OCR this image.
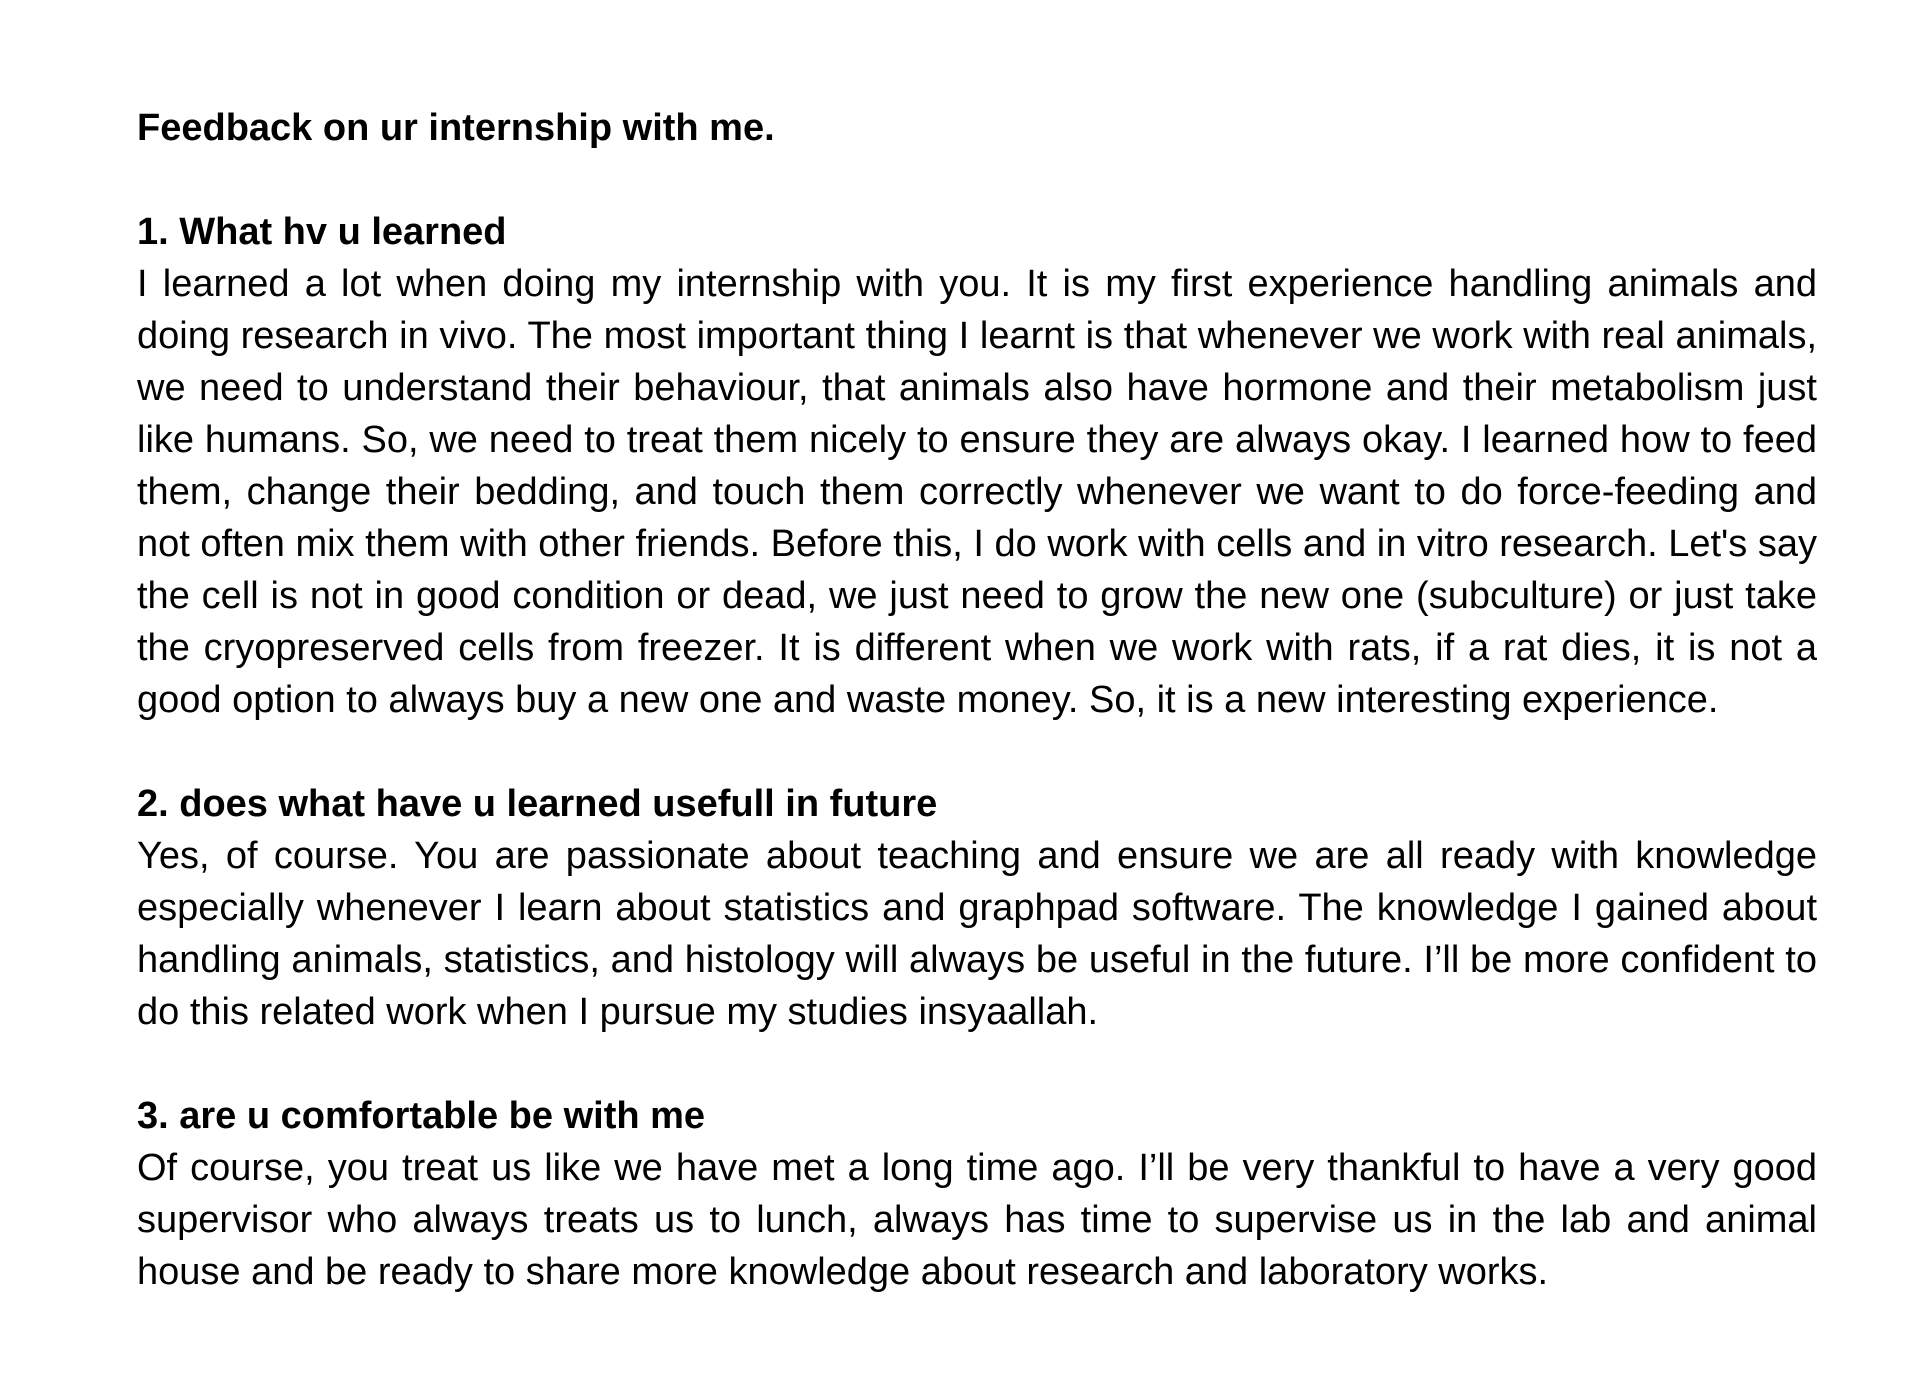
Feedback on ur internship with me.

1. What hv u learned

I learned a lot when doing my internship with you. It is my first experience handling animals and doing research in vivo. The most important thing I learnt is that whenever we work with real animals, we need to understand their behaviour, that animals also have hormone and their metabolism just like humans. So, we need to treat them nicely to ensure they are always okay. I learned how to feed them, change their bedding, and touch them correctly whenever we want to do force-feeding and not often mix them with other friends. Before this, I do work with cells and in vitro research. Let's say the cell is not in good condition or dead, we just need to grow the new one (subculture) or just take the cryopreserved cells from freezer. It is different when we work with rats, if a rat dies, it is not a good option to always buy a new one and waste money. So, it is a new interesting experience.

2. does what have u learned usefull in future

Yes, of course. You are passionate about teaching and ensure we are all ready with knowledge especially whenever I learn about statistics and graphpad software. The knowledge I gained about handling animals, statistics, and histology will always be useful in the future. I’ll be more confident to do this related work when I pursue my studies insyaallah.

3. are u comfortable be with me

Of course, you treat us like we have met a long time ago. I’ll be very thankful to have a very good supervisor who always treats us to lunch, always has time to supervise us in the lab and animal house and be ready to share more knowledge about research and laboratory works.
